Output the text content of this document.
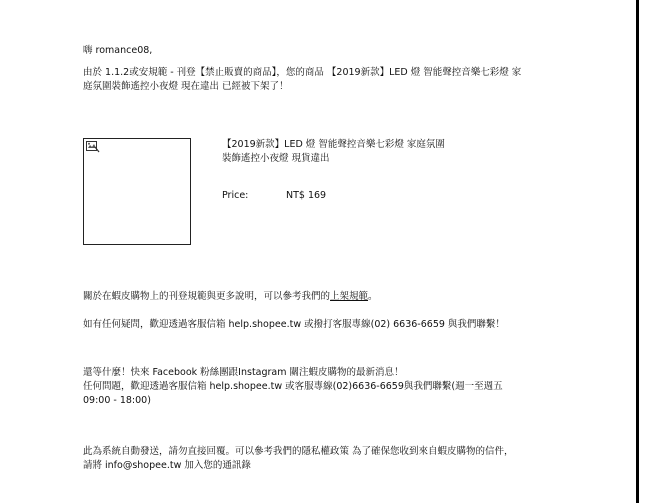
嗨 romance08,
由於 1.1.2或安規範 - 刊登【禁止販賣的商品】，您的商品 【2019新款】LED 燈 智能聲控音樂七彩燈 家庭氛圍裝飾遙控小夜燈 現在違出 已經被下架了！
【2019新款】LED 燈 智能聲控音樂七彩燈 家庭氛圍裝飾遙控小夜燈 現貨違出
Price:	NT$ 169
關於在蝦皮購物上的刊登規範與更多說明，可以參考我們的上架規範。
如有任何疑問，歡迎透過客服信箱 help.shopee.tw 或撥打客服專線(02) 6636-6659 與我們聯繫！
還等什麼！快來 Facebook 粉絲團跟Instagram 關注蝦皮購物的最新消息！
任何問題，歡迎透過客服信箱 help.shopee.tw 或客服專線(02)6636-6659與我們聯繫(週一至週五 09:00 - 18:00)
此為系統自動發送，請勿直接回覆。可以參考我們的隱私權政策 為了確保您收到來自蝦皮購物的信件，請將 info@shopee.tw 加入您的通訊錄
